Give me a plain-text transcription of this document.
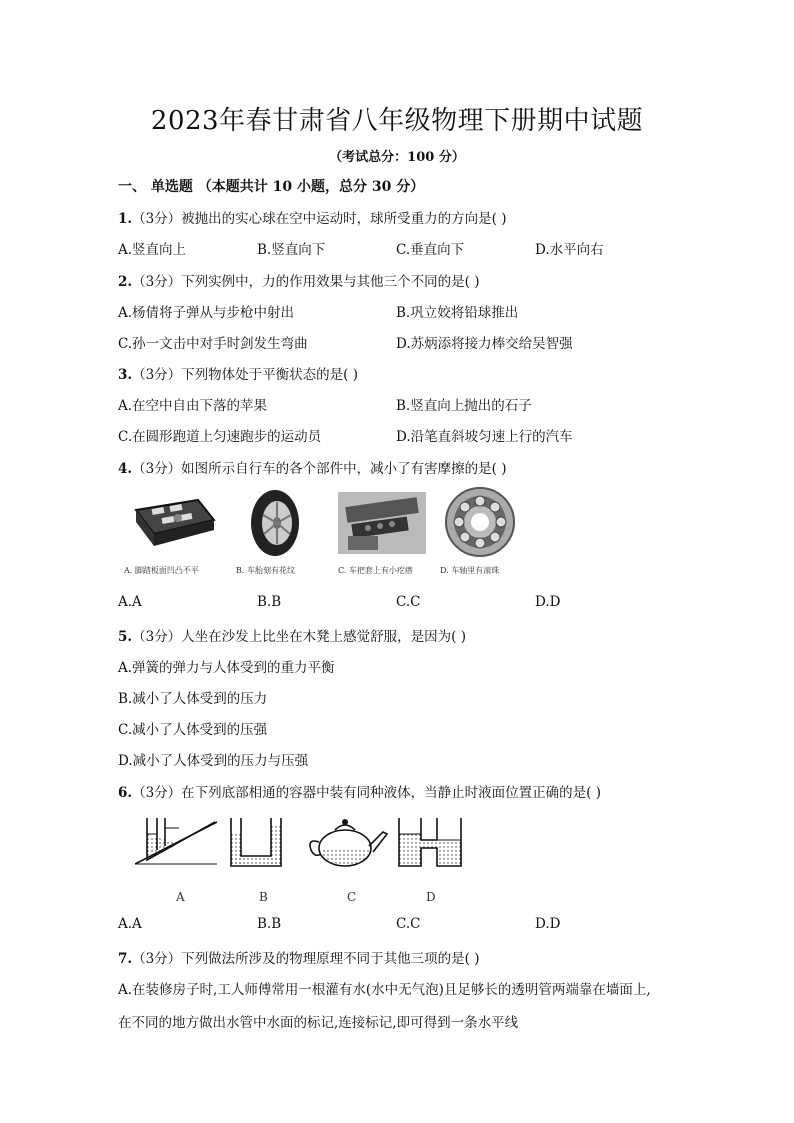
2023年春甘肃省八年级物理下册期中试题
（考试总分：100 分）
一、 单选题 （本题共计 10 小题，总分 30 分）
1.（3分）被抛出的实心球在空中运动时，球所受重力的方向是( )
A.竖直向上	B.竖直向下	C.垂直向下	D.水平向右
2.（3分）下列实例中，力的作用效果与其他三个不同的是( )
A.杨倩将子弹从与步枪中射出	B.巩立姣将铅球推出
C.孙一文击中对手时剑发生弯曲	D.苏炳添将接力棒交给吴智强
3.（3分）下列物体处于平衡状态的是( )
A.在空中自由下落的苹果	B.竖直向上抛出的石子
C.在圆形跑道上匀速跑步的运动员	D.沿笔直斜坡匀速上行的汽车
4.（3分）如图所示自行车的各个部件中，减小了有害摩擦的是( )
A. 脚踏板面凹凸不平	B. 车胎刻有花纹	C. 车把套上有小疙瘩	D. 车轴里有滚珠
A.A	B.B	C.C	D.D
5.（3分）人坐在沙发上比坐在木凳上感觉舒服，是因为( )
A.弹簧的弹力与人体受到的重力平衡
B.减小了人体受到的压力
C.减小了人体受到的压强
D.减小了人体受到的压力与压强
6.（3分）在下列底部相通的容器中装有同种液体，当静止时液面位置正确的是( )
A	B	C	D
A.A	B.B	C.C	D.D
7.（3分）下列做法所涉及的物理原理不同于其他三项的是( )
A.在装修房子时,工人师傅常用一根灌有水(水中无气泡)且足够长的透明管两端靠在墙面上,
在不同的地方做出水管中水面的标记,连接标记,即可得到一条水平线
